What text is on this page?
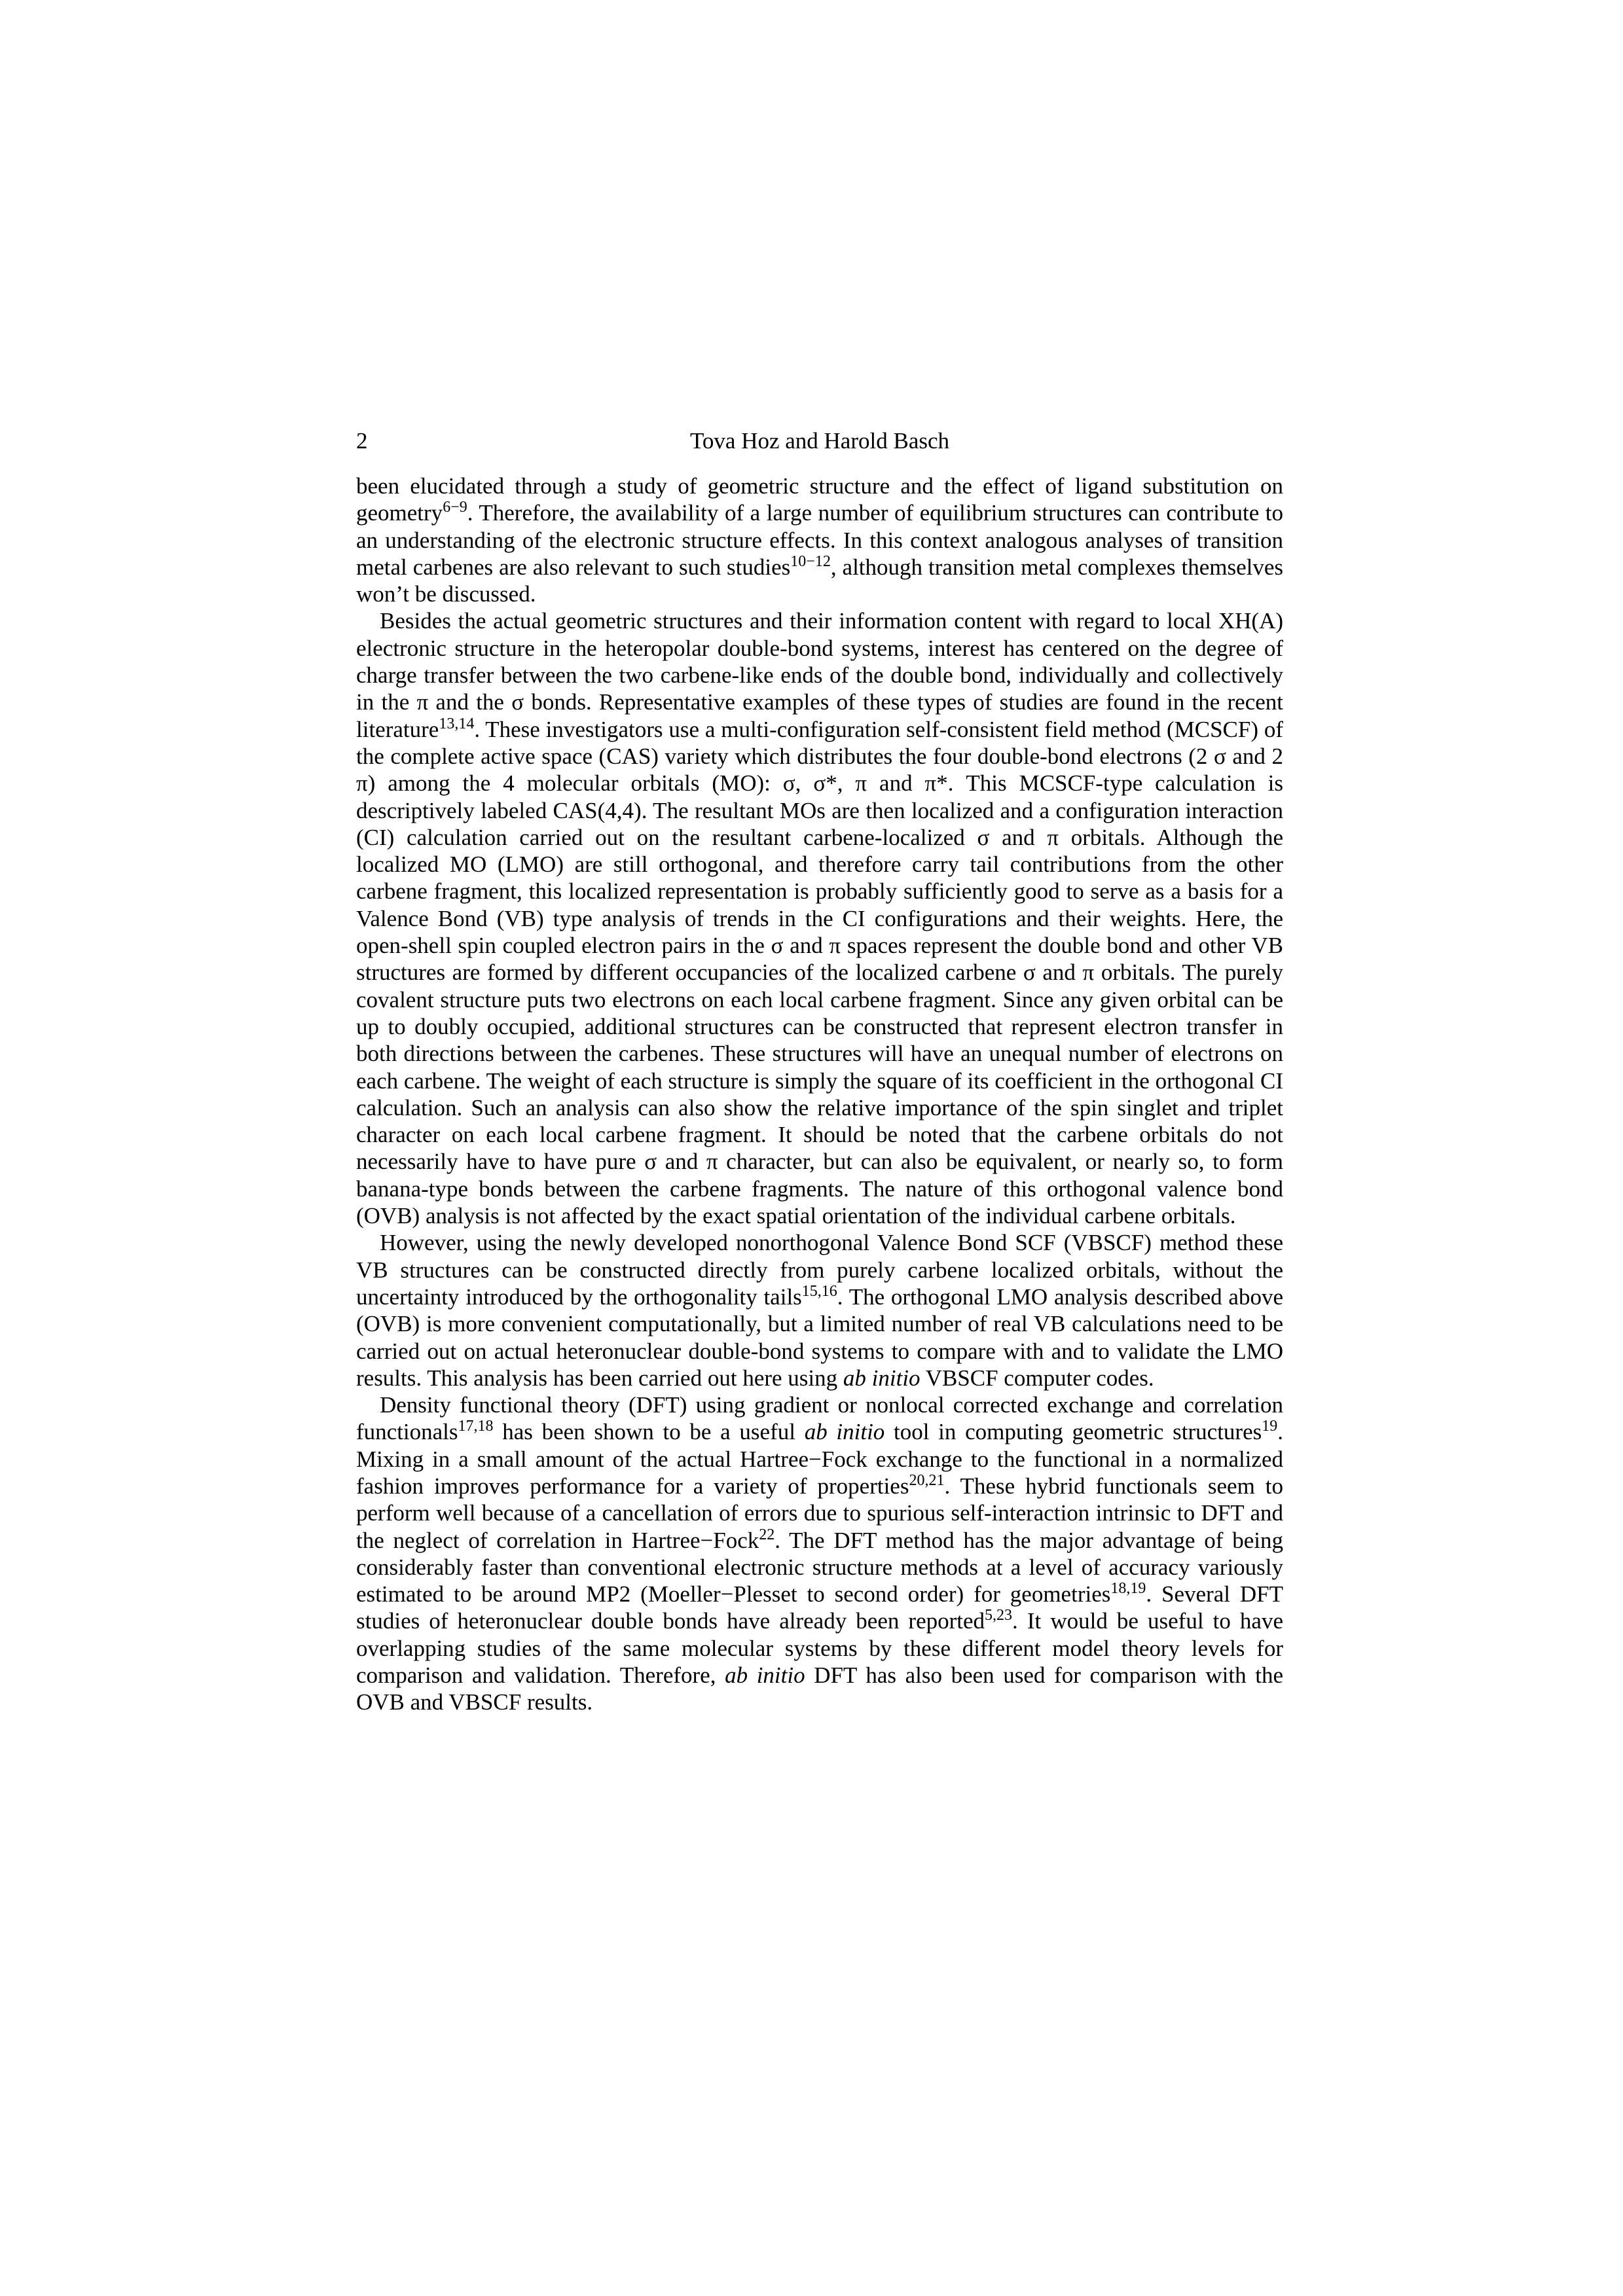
2	Tova Hoz and Harold Basch

been elucidated through a study of geometric structure and the effect of ligand substitution on geometry$^{6-9}$. Therefore, the availability of a large number of equilibrium structures can contribute to an understanding of the electronic structure effects. In this context analogous analyses of transition metal carbenes are also relevant to such studies$^{10-12}$, although transition metal complexes themselves won’t be discussed.

Besides the actual geometric structures and their information content with regard to local XH(A) electronic structure in the heteropolar double-bond systems, interest has centered on the degree of charge transfer between the two carbene-like ends of the double bond, individually and collectively in the π and the σ bonds. Representative examples of these types of studies are found in the recent literature$^{13,14}$. These investigators use a multi-configuration self-consistent field method (MCSCF) of the complete active space (CAS) variety which distributes the four double-bond electrons (2 σ and 2 π) among the 4 molecular orbitals (MO): σ, σ*, π and π*. This MCSCF-type calculation is descriptively labeled CAS(4,4). The resultant MOs are then localized and a configuration interaction (CI) calculation carried out on the resultant carbene-localized σ and π orbitals. Although the localized MO (LMO) are still orthogonal, and therefore carry tail contributions from the other carbene fragment, this localized representation is probably sufficiently good to serve as a basis for a Valence Bond (VB) type analysis of trends in the CI configurations and their weights. Here, the open-shell spin coupled electron pairs in the σ and π spaces represent the double bond and other VB structures are formed by different occupancies of the localized carbene σ and π orbitals. The purely covalent structure puts two electrons on each local carbene fragment. Since any given orbital can be up to doubly occupied, additional structures can be constructed that represent electron transfer in both directions between the carbenes. These structures will have an unequal number of electrons on each carbene. The weight of each structure is simply the square of its coefficient in the orthogonal CI calculation. Such an analysis can also show the relative importance of the spin singlet and triplet character on each local carbene fragment. It should be noted that the carbene orbitals do not necessarily have to have pure σ and π character, but can also be equivalent, or nearly so, to form banana-type bonds between the carbene fragments. The nature of this orthogonal valence bond (OVB) analysis is not affected by the exact spatial orientation of the individual carbene orbitals.

However, using the newly developed nonorthogonal Valence Bond SCF (VBSCF) method these VB structures can be constructed directly from purely carbene localized orbitals, without the uncertainty introduced by the orthogonality tails$^{15,16}$. The orthogonal LMO analysis described above (OVB) is more convenient computationally, but a limited number of real VB calculations need to be carried out on actual heteronuclear double-bond systems to compare with and to validate the LMO results. This analysis has been carried out here using ab initio VBSCF computer codes.

Density functional theory (DFT) using gradient or nonlocal corrected exchange and correlation functionals$^{17,18}$ has been shown to be a useful ab initio tool in computing geometric structures$^{19}$. Mixing in a small amount of the actual Hartree−Fock exchange to the functional in a normalized fashion improves performance for a variety of properties$^{20,21}$. These hybrid functionals seem to perform well because of a cancellation of errors due to spurious self-interaction intrinsic to DFT and the neglect of correlation in Hartree−Fock$^{22}$. The DFT method has the major advantage of being considerably faster than conventional electronic structure methods at a level of accuracy variously estimated to be around MP2 (Moeller−Plesset to second order) for geometries$^{18,19}$. Several DFT studies of heteronuclear double bonds have already been reported$^{5,23}$. It would be useful to have overlapping studies of the same molecular systems by these different model theory levels for comparison and validation. Therefore, ab initio DFT has also been used for comparison with the OVB and VBSCF results.
